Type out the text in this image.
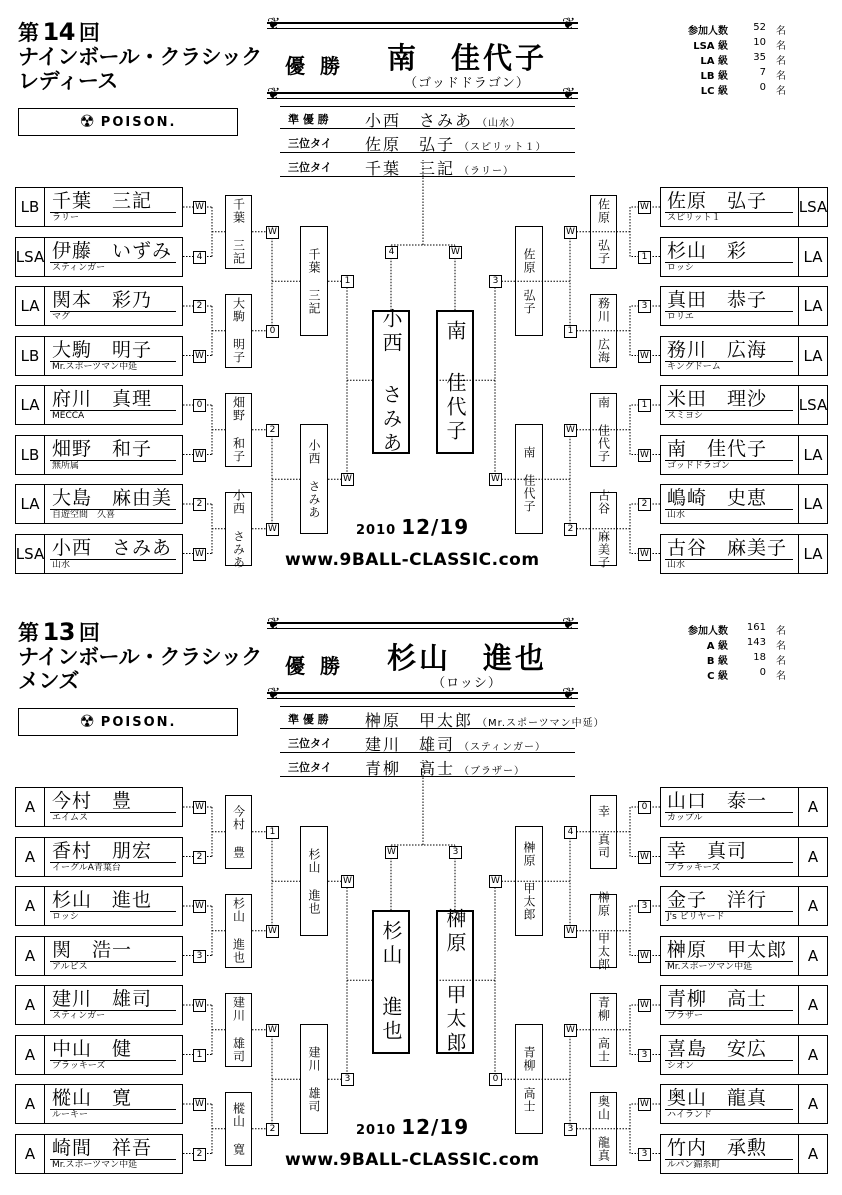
第 14 回
ナインボール・クラシック
レディース
☢ POISON.
❦	❦
❦	❦
優 勝	南　佳代子
（ゴッドドラゴン）
準 優 勝 小西　さみあ （山水）
三位タイ 佐原　弘子 （スピリット１）
三位タイ 千葉　三記 （ラリー）
参加人数	52 名
LSA 級	10 名
LA 級	35 名
LB 級	7 名
LC 級	0 名
LB 千葉　三記
ラリー
W
LSA 伊藤　いずみ
スティンガー
4
LA 関本　彩乃
マグ
2
LB 大駒　明子
Mr.スポーツマン中延
W
LA 府川　真理
MECCA
0
LB 畑野　和子
無所属
W
LA 大島　麻由美
自遊空間　久喜
2
LSA 小西　さみあ
山水
W
千葉 三記
大駒 明子
畑野 和子
小西 さみあ
W
0
千葉 三記
2
W
小西 さみあ
1
W
小西 さみあ
4
LSA
佐原　弘子
スピリット１
W
LA
杉山　彩
ロッシ
1
LA
真田　恭子
ロリエ
3
LA
務川　広海
キングドーム
W
LSA
米田　理沙
スミヨシ
1
LA
南　佳代子
ゴッドドラゴン
W
LA
嶋崎　史恵
山水
2
LA
古谷　麻美子
山水
W
佐原 弘子
務川 広海
南 佳代子
古谷 麻美子
W
1
佐原 弘子
W
2
南 佳代子
3
W
南 佳代子
W
2010 12/19
www.9BALL-CLASSIC.com
第 13 回
ナインボール・クラシック
メンズ
☢ POISON.
❦	❦
❦	❦
優 勝	杉山　進也
（ロッシ）
準 優 勝 榊原　甲太郎 （Mr.スポーツマン中延）
三位タイ 建川　雄司 （スティンガー）
三位タイ 青柳　高士 （ブラザー）
参加人数 161 名
A 級 143 名
B 級	18 名
C 級	0 名
A 今村　豊
エイムス
W
A 香村　朋宏
イーグルA青葉台
2
A 杉山　進也
ロッシ
W
A 関　浩一
アルビス
3
A 建川　雄司
スティンガー
W
A 中山　健
ブラッキーズ
1
A 樅山　寛
ルーキー
W
A 崎間　祥吾
Mr.スポーツマン中延
2
今村 豊
杉山 進也
建川 雄司
樅山 寛
1
W
杉山 進也
W
2
建川 雄司
W
3
杉山 進也
W
A
山口　泰一
カップル
0
A
幸　真司
ブラッキーズ
W
A
金子　洋行
J's ビリヤード
3
A
榊原　甲太郎
Mr.スポーツマン中延
W
A
青柳　高士
ブラザー
W
A
喜島　安広
シオン
3
A
奥山　龍真
ハイランド
W
A
竹内　承勲
ルパン錦糸町
3
幸 真司
榊原 甲太郎
青柳 高士
奥山 龍真
4
W
榊原 甲太郎
W
3
青柳 高士
W
0
榊原 甲太郎
3
2010 12/19
www.9BALL-CLASSIC.com
